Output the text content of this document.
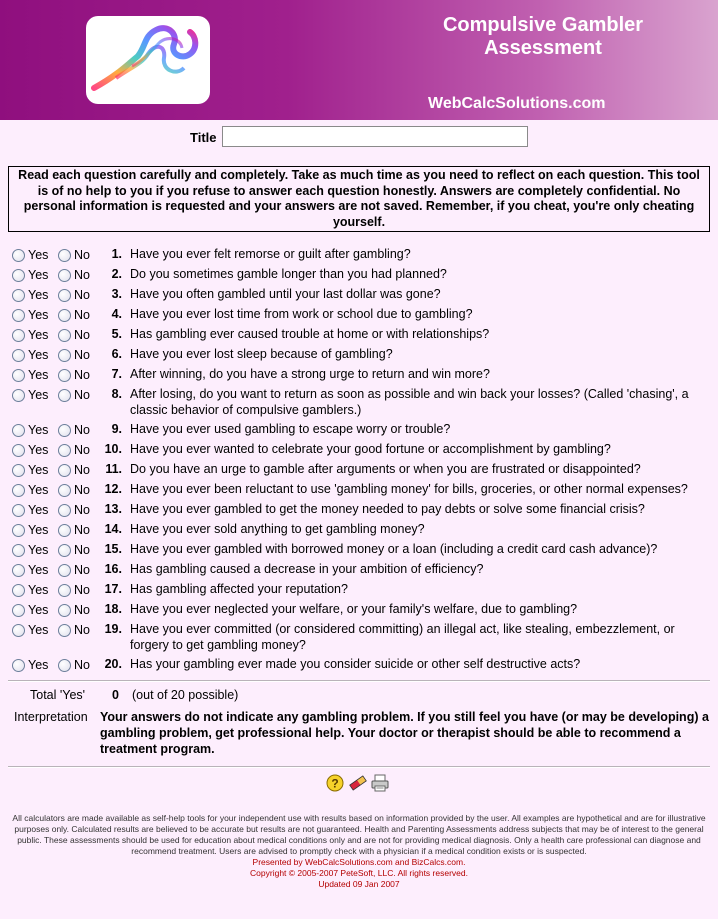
Compulsive Gambler
Assessment
WebCalcSolutions.com
Title
Read each question carefully and completely. Take as much time as you need to reflect on each question. This tool is of no help to you if you refuse to answer each question honestly. Answers are completely confidential. No personal information is requested and your answers are not saved. Remember, if you cheat, you're only cheating yourself.
Yes No	1. Have you ever felt remorse or guilt after gambling?
Yes No	2. Do you sometimes gamble longer than you had planned?
Yes No	3. Have you often gambled until your last dollar was gone?
Yes No	4. Have you ever lost time from work or school due to gambling?
Yes No	5. Has gambling ever caused trouble at home or with relationships?
Yes No	6. Have you ever lost sleep because of gambling?
Yes No	7. After winning, do you have a strong urge to return and win more?
Yes No	8. After losing, do you want to return as soon as possible and win back your losses? (Called 'chasing', a classic behavior of compulsive gamblers.)
Yes No	9. Have you ever used gambling to escape worry or trouble?
Yes No	10. Have you ever wanted to celebrate your good fortune or accomplishment by gambling?
Yes No	11. Do you have an urge to gamble after arguments or when you are frustrated or disappointed?
Yes No	12. Have you ever been reluctant to use 'gambling money' for bills, groceries, or other normal expenses?
Yes No	13. Have you ever gambled to get the money needed to pay debts or solve some financial crisis?
Yes No	14. Have you ever sold anything to get gambling money?
Yes No	15. Have you ever gambled with borrowed money or a loan (including a credit card cash advance)?
Yes No	16. Has gambling caused a decrease in your ambition of efficiency?
Yes No	17. Has gambling affected your reputation?
Yes No	18. Have you ever neglected your welfare, or your family's welfare, due to gambling?
Yes No	19. Have you ever committed (or considered committing) an illegal act, like stealing, embezzlement, or forgery to get gambling money?
Yes No	20. Has your gambling ever made you consider suicide or other self destructive acts?
Total 'Yes' 0 (out of 20 possible)
Interpretation Your answers do not indicate any gambling problem. If you still feel you have (or may be developing) a gambling problem, get professional help. Your doctor or therapist should be able to recommend a treatment program.
?
All calculators are made available as self-help tools for your independent use with results based on information provided by the user. All examples are hypothetical and are for illustrative purposes only. Calculated results are believed to be accurate but results are not guaranteed. Health and Parenting Assessments address subjects that may be of interest to the general public. These assessments should be used for education about medical conditions only and are not for providing medical diagnosis. Only a health care professional can diagnose and recommend treatment. Users are advised to promptly check with a physician if a medical condition exists or is suspected.
Presented by WebCalcSolutions.com and BizCalcs.com.
Copyright © 2005-2007 PeteSoft, LLC. All rights reserved.
Updated 09 Jan 2007
